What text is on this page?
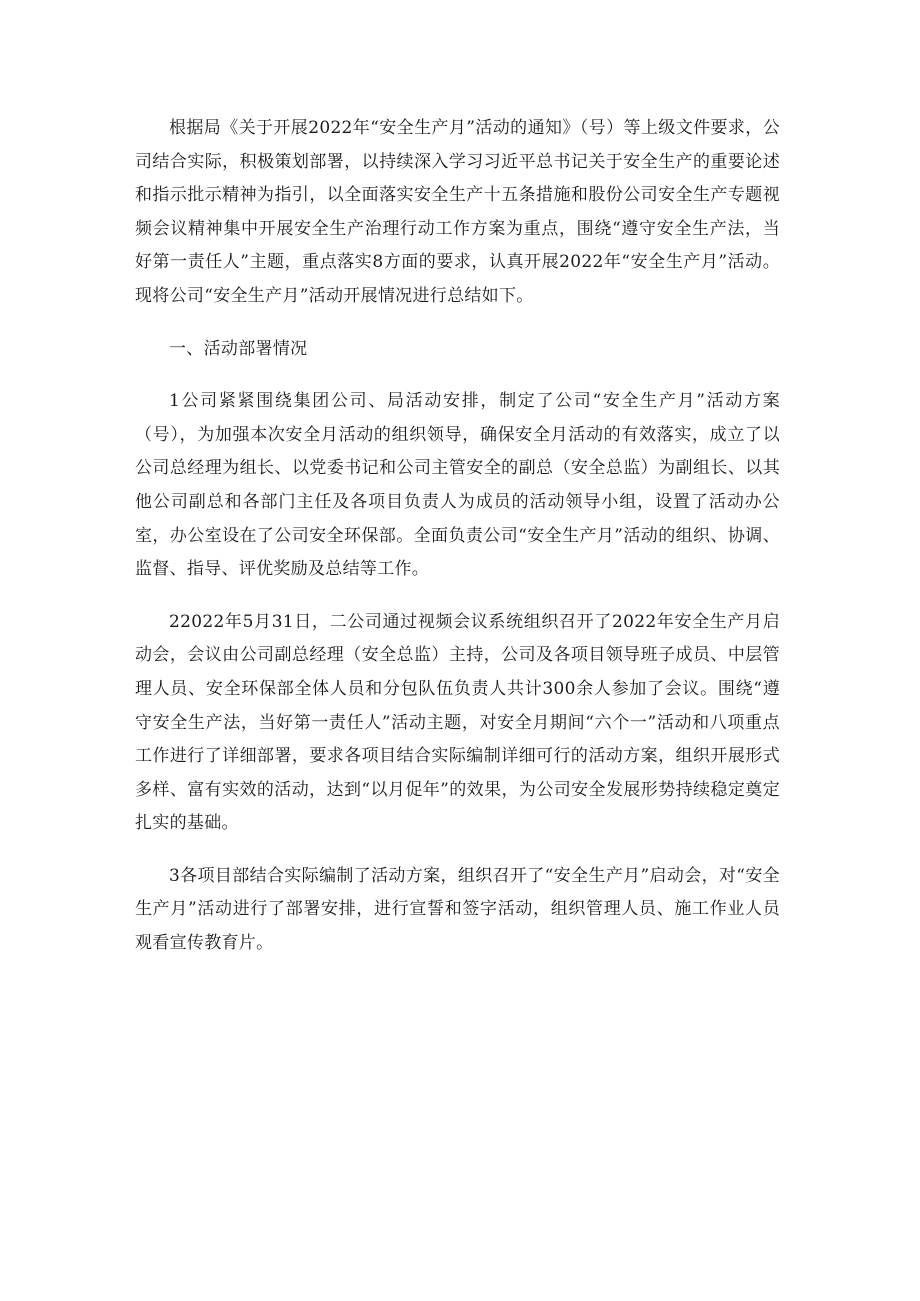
根据局《关于开展2022年“安全生产月”活动的通知》（号）等上级文件要求，公司结合实际，积极策划部署，以持续深入学习习近平总书记关于安全生产的重要论述和指示批示精神为指引，以全面落实安全生产十五条措施和股份公司安全生产专题视频会议精神集中开展安全生产治理行动工作方案为重点，围绕“遵守安全生产法，当好第一责任人”主题，重点落实8方面的要求，认真开展2022年“安全生产月”活动。现将公司“安全生产月”活动开展情况进行总结如下。

一、活动部署情况

1公司紧紧围绕集团公司、局活动安排，制定了公司“安全生产月”活动方案（号），为加强本次安全月活动的组织领导，确保安全月活动的有效落实，成立了以公司总经理为组长、以党委书记和公司主管安全的副总（安全总监）为副组长、以其他公司副总和各部门主任及各项目负责人为成员的活动领导小组，设置了活动办公室，办公室设在了公司安全环保部。全面负责公司“安全生产月”活动的组织、协调、监督、指导、评优奖励及总结等工作。

22022年5月31日，二公司通过视频会议系统组织召开了2022年安全生产月启动会，会议由公司副总经理（安全总监）主持，公司及各项目领导班子成员、中层管理人员、安全环保部全体人员和分包队伍负责人共计300余人参加了会议。围绕“遵守安全生产法，当好第一责任人”活动主题，对安全月期间“六个一”活动和八项重点工作进行了详细部署，要求各项目结合实际编制详细可行的活动方案，组织开展形式多样、富有实效的活动，达到“以月促年”的效果，为公司安全发展形势持续稳定奠定扎实的基础。

3各项目部结合实际编制了活动方案，组织召开了“安全生产月”启动会，对“安全生产月”活动进行了部署安排，进行宣誓和签字活动，组织管理人员、施工作业人员观看宣传教育片。
